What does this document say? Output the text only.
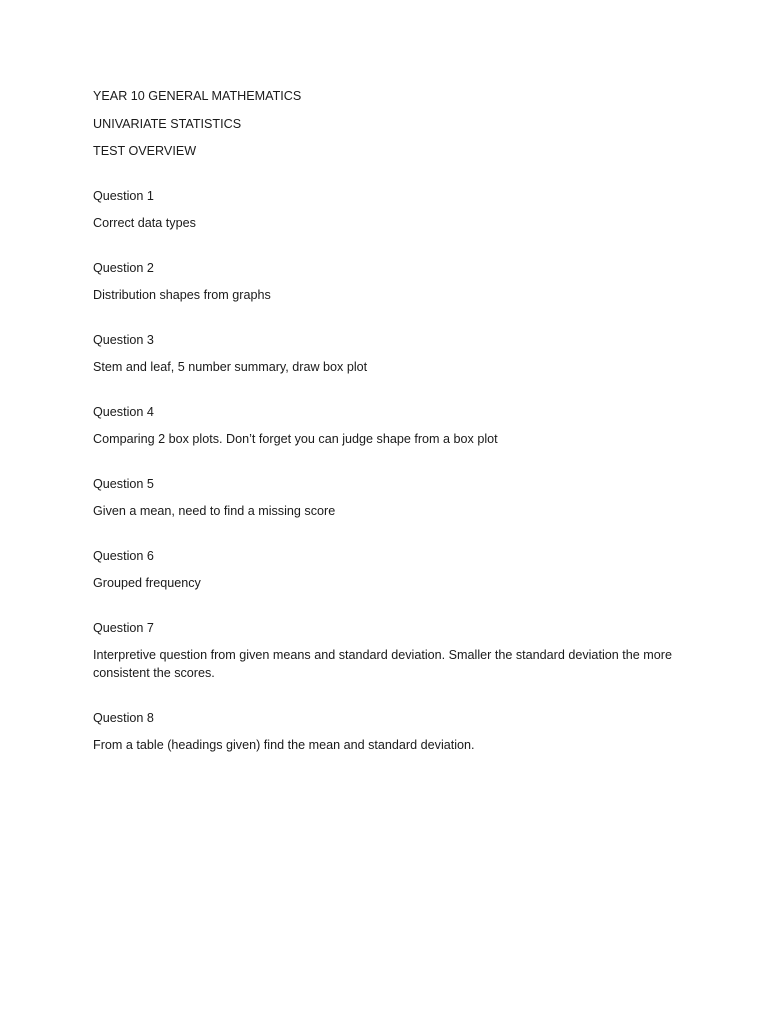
YEAR 10 GENERAL MATHEMATICS

UNIVARIATE STATISTICS

TEST OVERVIEW

Question 1

Correct data types

Question 2

Distribution shapes from graphs

Question 3

Stem and leaf, 5 number summary, draw box plot

Question 4

Comparing 2 box plots. Don’t forget you can judge shape from a box plot

Question 5

Given a mean, need to find a missing score

Question 6

Grouped frequency

Question 7

Interpretive question from given means and standard deviation. Smaller the standard deviation the more consistent the scores.

Question 8

From a table (headings given) find the mean and standard deviation.
